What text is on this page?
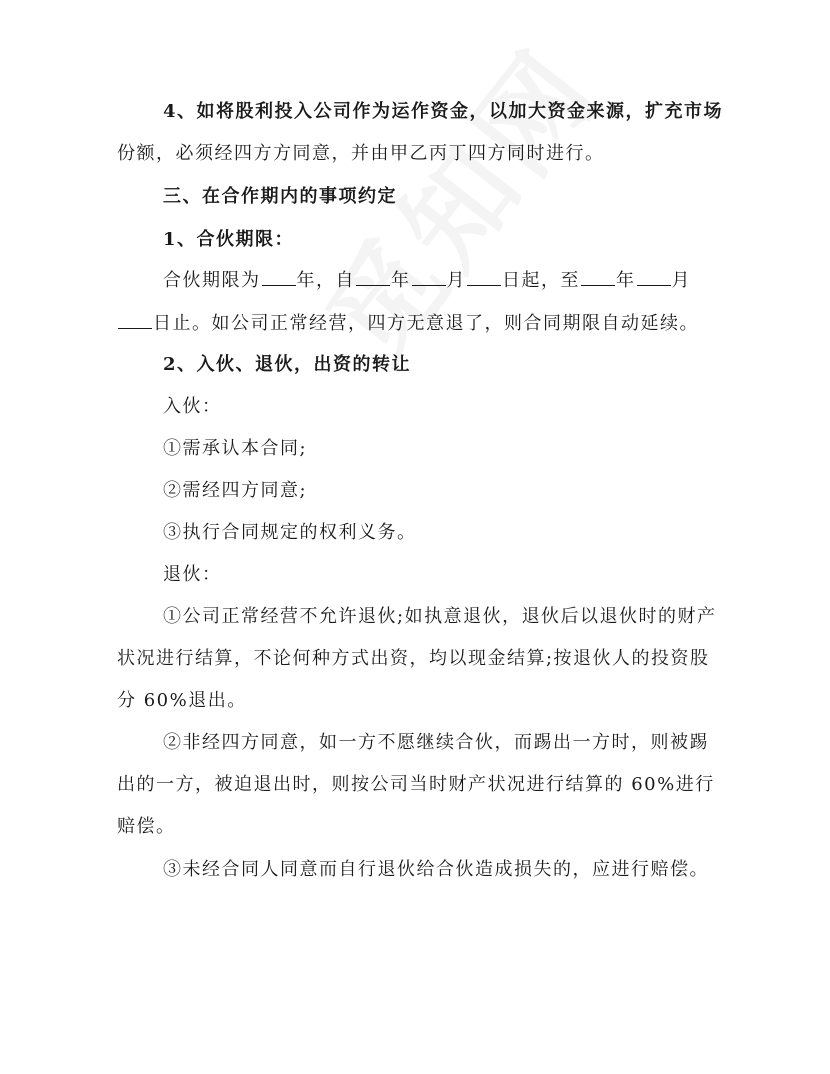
4、如将股利投入公司作为运作资金，以加大资金来源，扩充市场
份额，必须经四方方同意，并由甲乙丙丁四方同时进行。
三、在合作期内的事项约定
1、合伙期限：
合伙期限为 年，自 年 月 日起，至 年 月
日止。如公司正常经营，四方无意退了，则合同期限自动延续。
2、入伙、退伙，出资的转让
入伙：
①需承认本合同;
②需经四方同意;
③执行合同规定的权利义务。
退伙：
①公司正常经营不允许退伙;如执意退伙，退伙后以退伙时的财产
状况进行结算，不论何种方式出资，均以现金结算;按退伙人的投资股
分 60%退出。
②非经四方同意，如一方不愿继续合伙，而踢出一方时，则被踢
出的一方，被迫退出时，则按公司当时财产状况进行结算的 60%进行
赔偿。
③未经合同人同意而自行退伙给合伙造成损失的，应进行赔偿。
